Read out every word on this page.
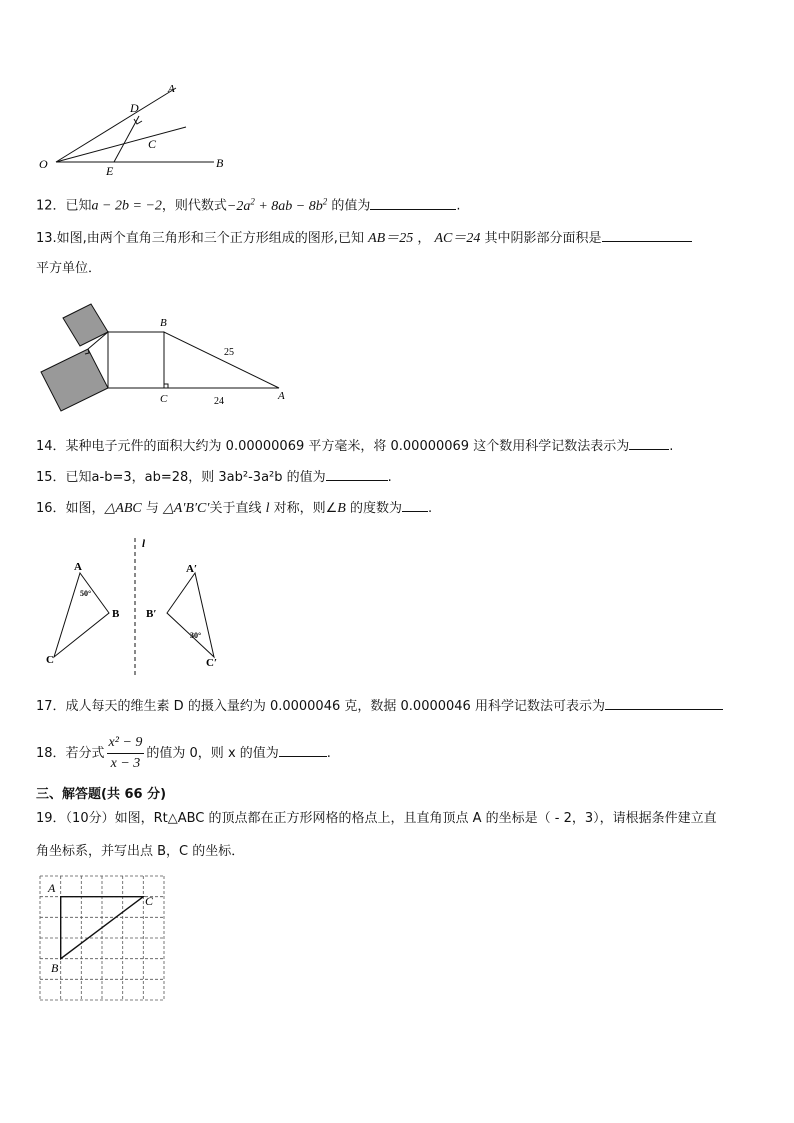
A
D
C
O	E
B
12．已知a − 2b = −2，则代数式$-2a^2 + 8ab - 8b^2$ 的值为	.
13.如图,由两个直角三角形和三个正方形组成的图形,已知 AB＝25 ， AC＝24 其中阴影部分面积是
平方单位．
B
C	A
25
24
14．某种电子元件的面积大约为 0.00000069 平方毫米，将 0.00000069 这个数用科学记数法表示为	.
15．已知a-b=3，ab=28，则 3ab²-3a²b 的值为	.
16．如图，△ABC 与 △A′B′C′关于直线 l 对称，则∠B 的度数为 .
l
A
B
C
50°
A′
B′
C′
30°
17．成人每天的维生素 D 的摄入量约为 0.0000046 克，数据 0.0000046 用科学记数法可表示为
18．若分式 $\frac{\text{x² − 9}}{x - 3}$ 的值为 0，则 x 的值为	.
三、解答题(共 66 分)
19．（10分）如图，Rt△ABC 的顶点都在正方形网格的格点上，且直角顶点 A 的坐标是（ - 2，3），请根据条件建立直
角坐标系，并写出点 B，C 的坐标．
A
C
B
